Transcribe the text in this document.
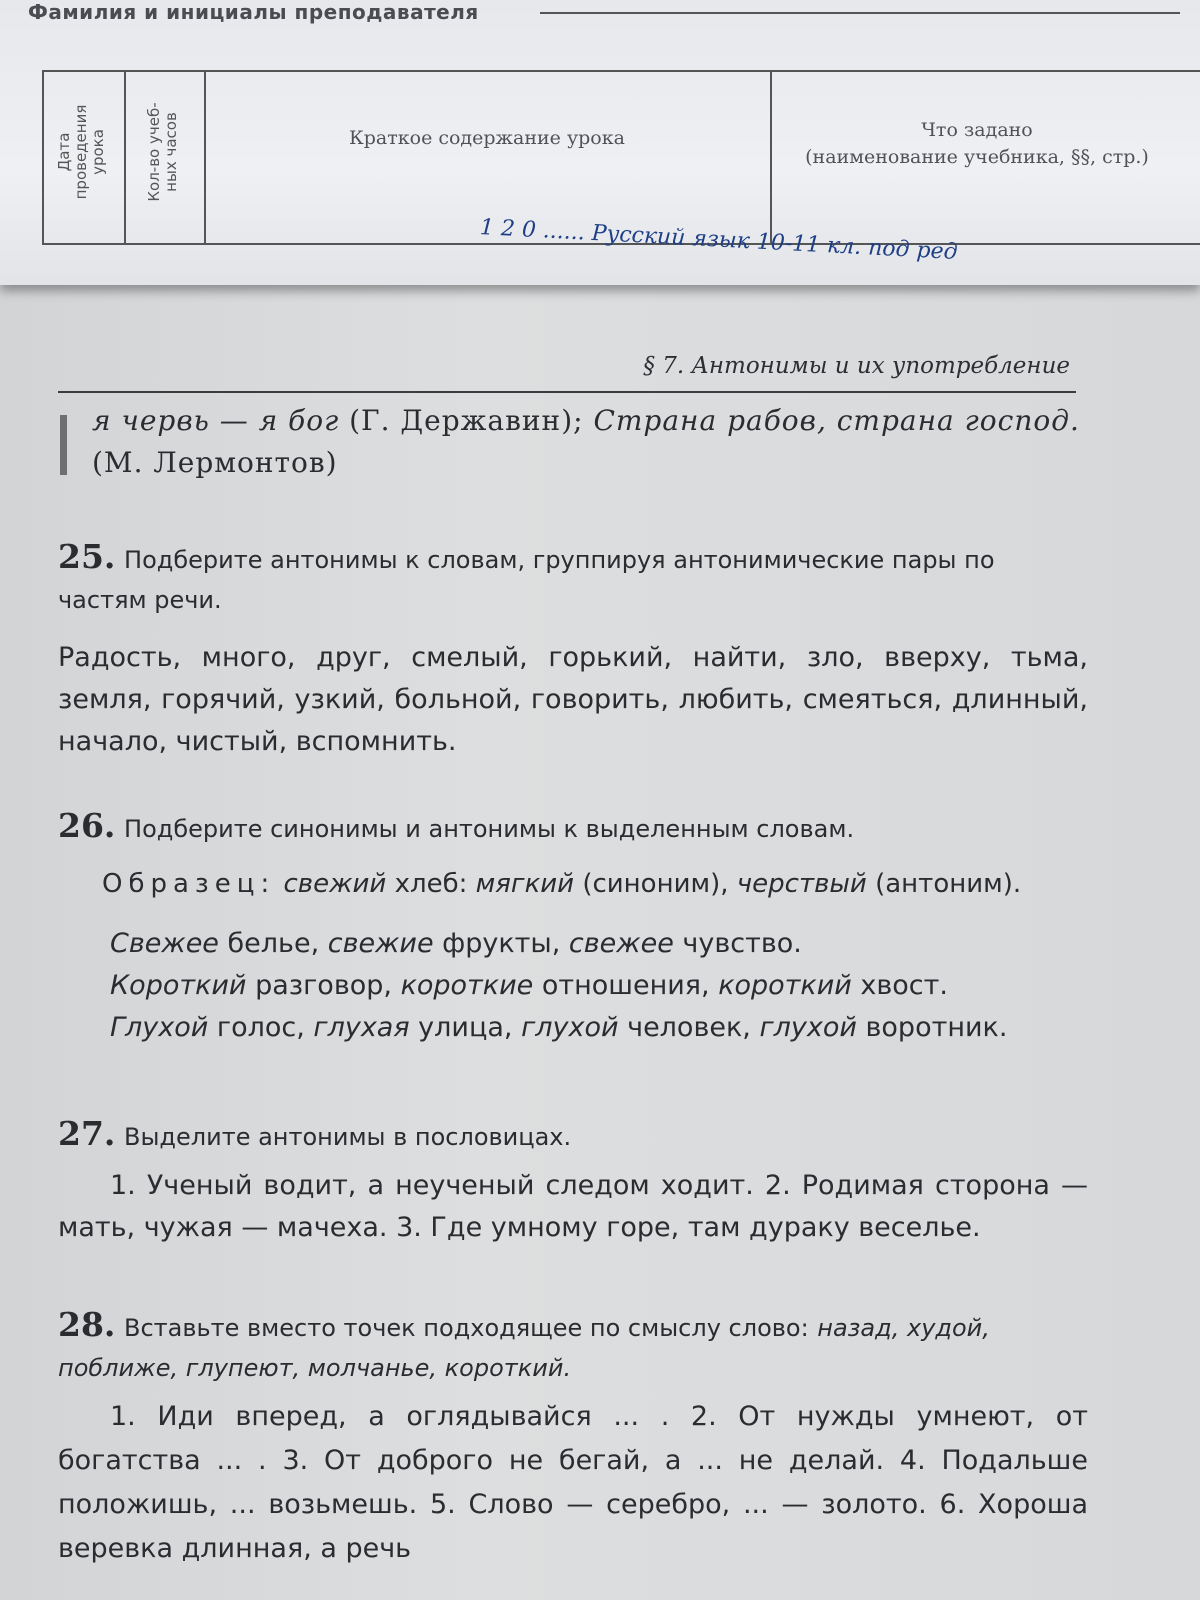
Фамилия и инициалы преподавателя
Дата
проведения
урока	Кол-во учеб-
ных часов	Краткое содержание урока	Что задано
(наименование учебника, §§, стр.)
1 2 0 ...... Русский язык 10-11 кл. под ред
§ 7. Антонимы и их употребление
я червь — я бог (Г. Державин); Страна рабов, страна господ.
(М. Лермонтов)
25. Подберите антонимы к словам, группируя антонимические пары по частям речи.
Радость, много, друг, смелый, горький, найти, зло, вверху, тьма, земля, горячий, узкий, больной, говорить, любить, смеяться, длинный, начало, чистый, вспомнить.
26. Подберите синонимы и антонимы к выделенным словам.
Образец: свежий хлеб: мягкий (синоним), черствый (антоним).
Свежее белье, свежие фрукты, свежее чувство.
Короткий разговор, короткие отношения, короткий хвост.
Глухой голос, глухая улица, глухой человек, глухой воротник.
27. Выделите антонимы в пословицах.
1. Ученый водит, а неученый следом ходит. 2. Родимая сторона — мать, чужая — мачеха. 3. Где умному горе, там дураку веселье.
28. Вставьте вместо точек подходящее по смыслу слово: назад, худой, поближе, глупеют, молчанье, короткий.
1. Иди вперед, а оглядывайся ... . 2. От нужды умнеют, от богатства ... . 3. От доброго не бегай, а ... не делай. 4. Подальше положишь, ... возьмешь. 5. Слово — серебро, ... — золото. 6. Хороша веревка длинная, а речь
